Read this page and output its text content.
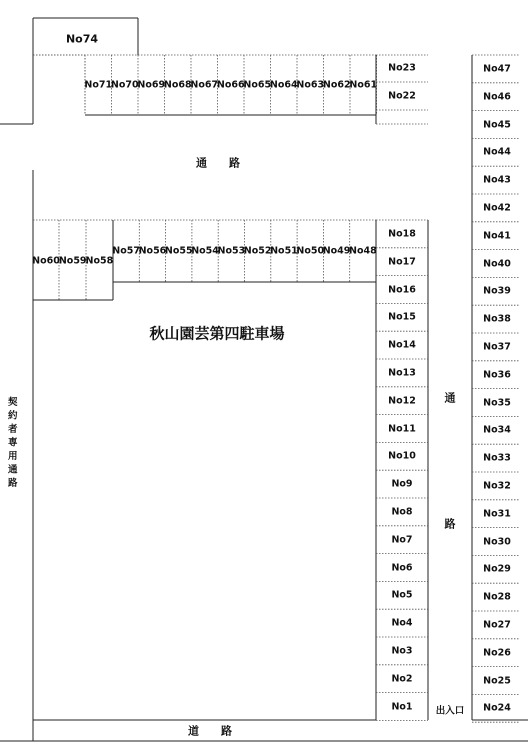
No74
秋山園芸第四駐車場
通　　路
道　　路
通
路
出入口
契約者専用通路
No71
No70
No69
No68
No67
No66
No65
No64
No63
No62
No61
No23
No22
No60
No59 No58
No57
No56
No55
No54
No53
No52
No51
No50
No49
No48
No18
No17
No16
No15
No14
No13
No12
No11
No10
No9
No8
No7
No6
No5
No4
No3
No2
No1
No47
No46
No45
No44
No43
No42
No41
No40
No39
No38
No37
No36
No35
No34
No33
No32
No31
No30
No29
No28
No27
No26
No25
No24
